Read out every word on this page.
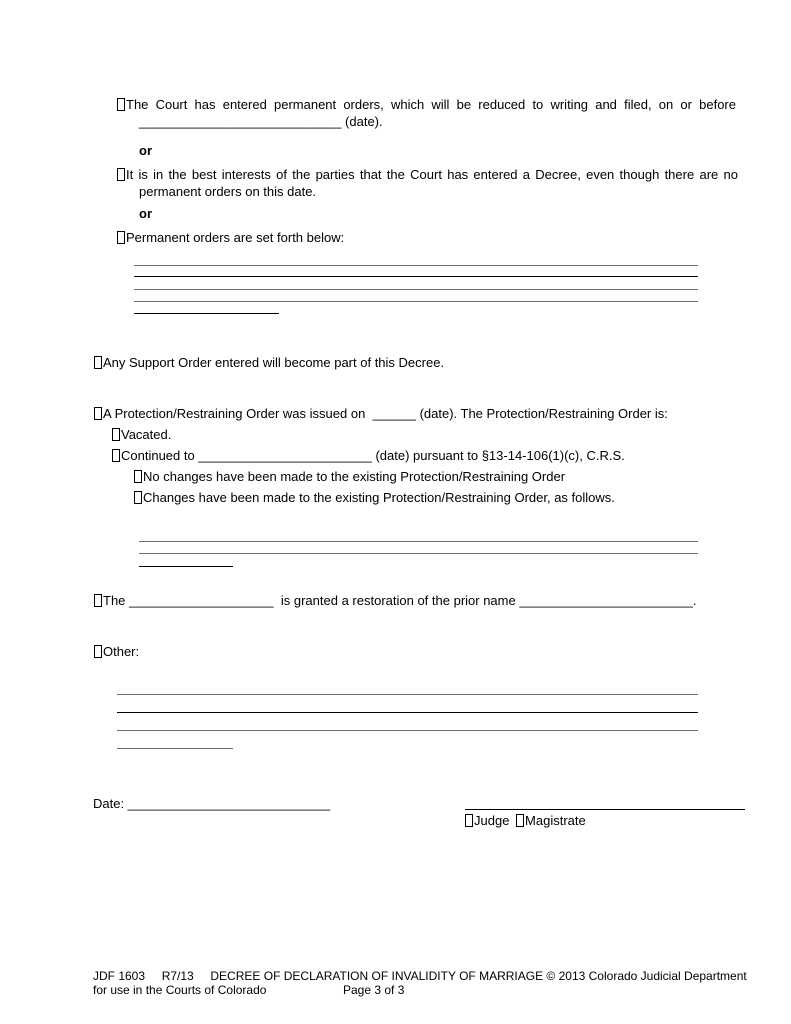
The Court has entered permanent orders, which will be reduced to writing and filed, on or before
____________________________ (date).
or
It is in the best interests of the parties that the Court has entered a Decree, even though there are no
permanent orders on this date.
or
Permanent orders are set forth below:
Any Support Order entered will become part of this Decree.
A Protection/Restraining Order was issued on ______ (date). The Protection/Restraining Order is:
Vacated.
Continued to ________________________ (date) pursuant to §13-14-106(1)(c), C.R.S.
No changes have been made to the existing Protection/Restraining Order
Changes have been made to the existing Protection/Restraining Order, as follows.
The ____________________ is granted a restoration of the prior name ________________________.
Other:
Date: ____________________________
Judge Magistrate
JDF 1603     R7/13     DECREE OF DECLARATION OF INVALIDITY OF MARRIAGE © 2013 Colorado Judicial Department
for use in the Courts of Colorado	Page 3 of 3
